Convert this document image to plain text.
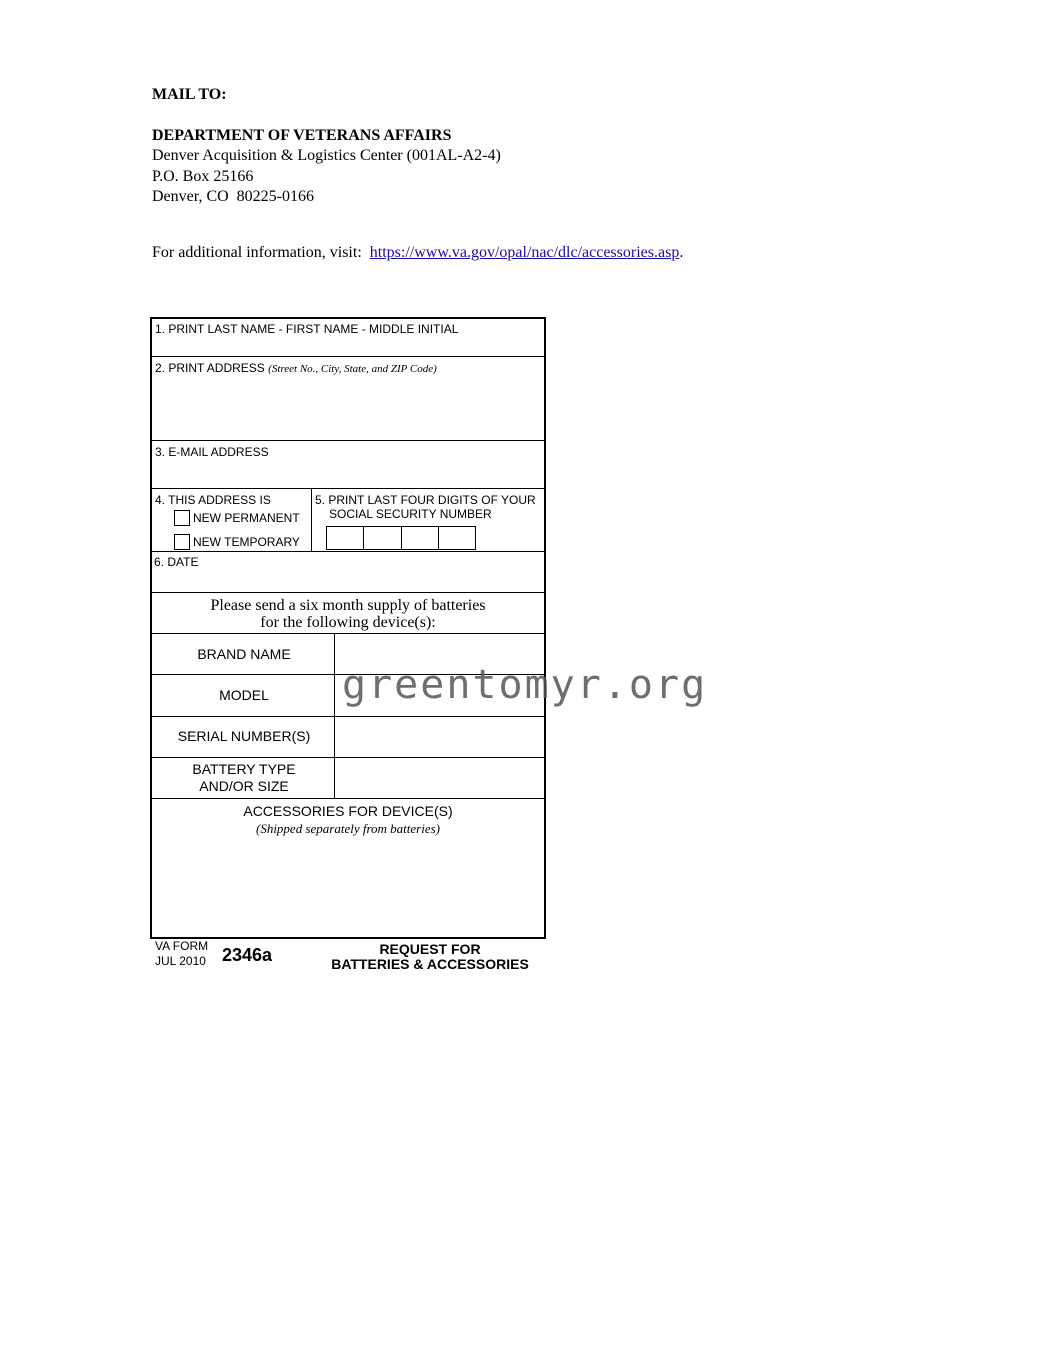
MAIL TO:
DEPARTMENT OF VETERANS AFFAIRS
Denver Acquisition & Logistics Center (001AL-A2-4)
P.O. Box 25166
Denver, CO  80225-0166
For additional information, visit:  https://www.va.gov/opal/nac/dlc/accessories.asp.
1. PRINT LAST NAME - FIRST NAME - MIDDLE INITIAL
2. PRINT ADDRESS (Street No., City, State, and ZIP Code)
3. E-MAIL ADDRESS
4. THIS ADDRESS IS
NEW PERMANENT
NEW TEMPORARY
5. PRINT LAST FOUR DIGITS OF YOUR
SOCIAL SECURITY NUMBER
6. DATE
Please send a six month supply of batteries
for the following device(s):
BRAND NAME
MODEL
SERIAL NUMBER(S)
BATTERY TYPE
AND/OR SIZE
ACCESSORIES FOR DEVICE(S)
(Shipped separately from batteries)
greentomyr.org
VA FORM
JUL 2010 2346a	REQUEST FOR
BATTERIES & ACCESSORIES
